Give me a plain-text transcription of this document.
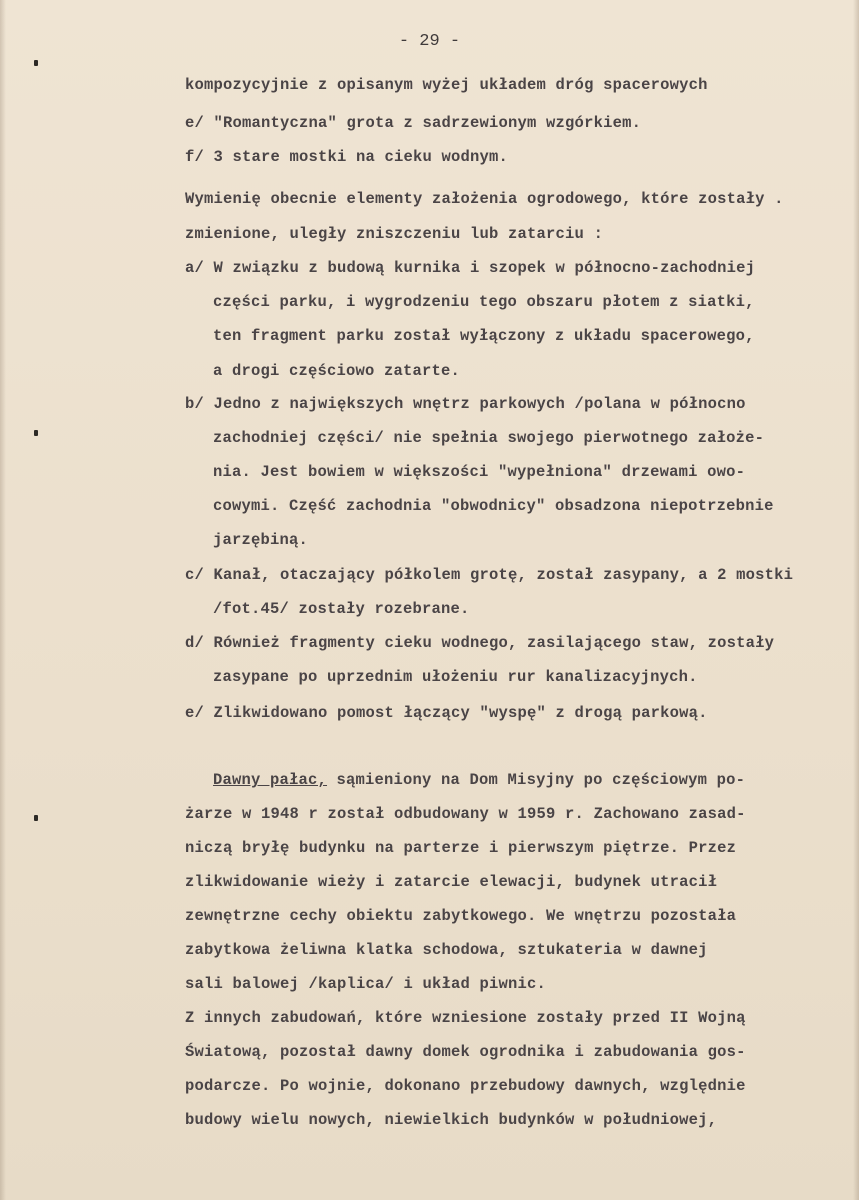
- 29 -
kompozycyjnie z opisanym wyżej układem dróg spacerowych
e/ "Romantyczna" grota z sadrzewionym wzgórkiem.
f/ 3 stare mostki na cieku wodnym.
Wymienię obecnie elementy założenia ogrodowego, które zostały .
zmienione, uległy zniszczeniu lub zatarciu :
a/ W związku z budową kurnika i szopek w północno-zachodniej
części parku, i wygrodzeniu tego obszaru płotem z siatki,
ten fragment parku został wyłączony z układu spacerowego,
a drogi częściowo zatarte.
b/ Jedno z największych wnętrz parkowych /polana w północno
zachodniej części/ nie spełnia swojego pierwotnego założe-
nia. Jest bowiem w większości "wypełniona" drzewami owo-
cowymi. Część zachodnia "obwodnicy" obsadzona niepotrzebnie
jarzębiną.
c/ Kanał, otaczający półkolem grotę, został zasypany, a 2 mostki
/fot.45/ zostały rozebrane.
d/ Również fragmenty cieku wodnego, zasilającego staw, zostały
zasypane po uprzednim ułożeniu rur kanalizacyjnych.
e/ Zlikwidowano pomost łączący "wyspę" z drogą parkową.
Dawny pałac, sąmieniony na Dom Misyjny po częściowym po-
żarze w 1948 r został odbudowany w 1959 r. Zachowano zasad-
niczą bryłę budynku na parterze i pierwszym piętrze. Przez
zlikwidowanie wieży i zatarcie elewacji, budynek utracił
zewnętrzne cechy obiektu zabytkowego. We wnętrzu pozostała
zabytkowa żeliwna klatka schodowa, sztukateria w dawnej
sali balowej /kaplica/ i układ piwnic.
Z innych zabudowań, które wzniesione zostały przed II Wojną
Światową, pozostał dawny domek ogrodnika i zabudowania gos-
podarcze. Po wojnie, dokonano przebudowy dawnych, względnie
budowy wielu nowych, niewielkich budynków w południowej,
